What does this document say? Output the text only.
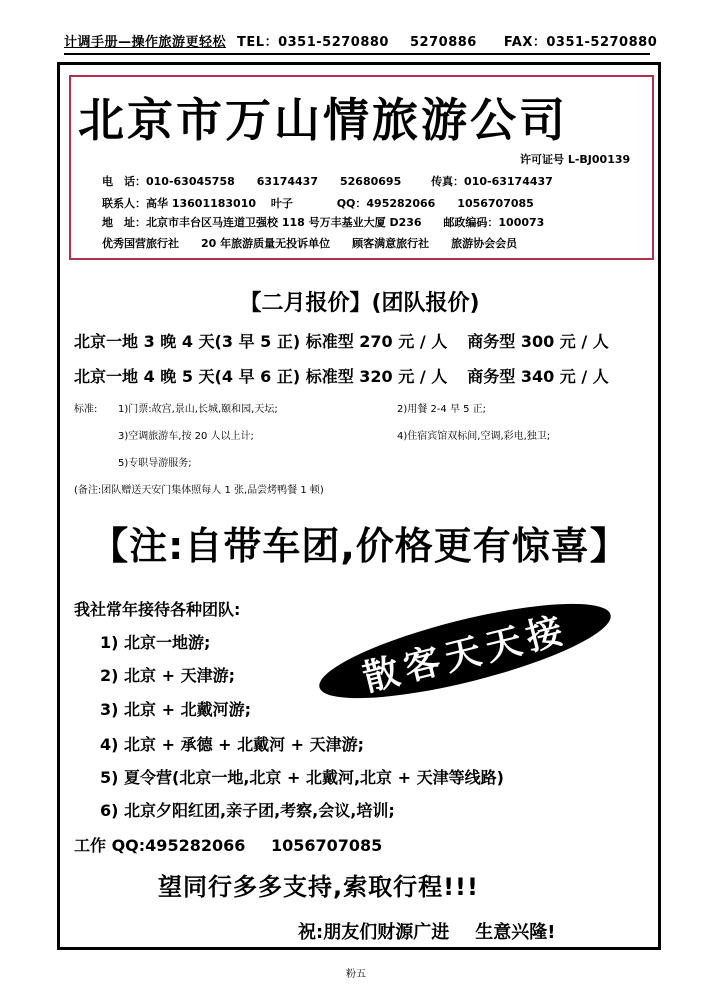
计调手册—操作旅游更轻松 TEL：0351-5270880 5270886 FAX：0351-5270880
北京市万山情旅游公司
许可证号 L-BJ00139
电　话：010-63045758　　63174437　　52680695	传真：010-63174437
联系人：高华 13601183010　 叶子	QQ：495282066　　1056707085
地　址：北京市丰台区马连道卫强校 118 号万丰基业大厦 D236 邮政编码：100073
优秀国营旅行社　　20 年旅游质量无投诉单位　　顾客满意旅行社　　旅游协会会员
【二月报价】(团队报价)
北京一地 3 晚 4 天(3 早 5 正) 标准型 270 元 / 人 商务型 300 元 / 人
北京一地 4 晚 5 天(4 早 6 正) 标准型 320 元 / 人 商务型 340 元 / 人
标准: 1)门票:故宫,景山,长城,颐和园,天坛;	2)用餐 2-4 早 5 正;
3)空调旅游车,按 20 人以上计;	4)住宿宾馆双标间,空调,彩电,独卫;
5)专职导游服务;
(备注:团队赠送天安门集体照每人 1 张,品尝烤鸭餐 1 顿)
【注:自带车团,价格更有惊喜】
我社常年接待各种团队:
1) 北京一地游;
2) 北京 + 天津游;
3) 北京 + 北戴河游;
4) 北京 + 承德 + 北戴河 + 天津游;
5) 夏令营(北京一地,北京 + 北戴河,北京 + 天津等线路)
6) 北京夕阳红团,亲子团,考察,会议,培训;
散客天天接
工作 QQ:495282066 1056707085
望同行多多支持,索取行程!!!
祝:朋友们财源广进 生意兴隆!
粉五
